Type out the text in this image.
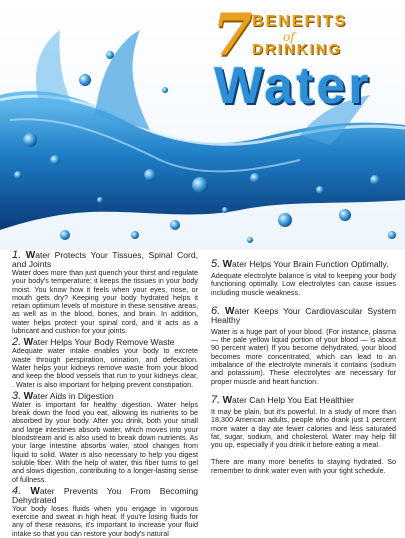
7 BENEFITS
of
DRINKING
Water
1. Water Protects Your Tissues, Spinal Cord, and Joints
Water does more than just quench your thirst and regulate your body's temperature; it keeps the tissues in your body moist. You know how it feels when your eyes, nose, or mouth gets dry? Keeping your body hydrated helps it retain optimum levels of moisture in these sensitive areas, as well as in the blood, bones, and brain. In addition, water helps protect your spinal cord, and it acts as a lubricant and cushion for your joints.
2. Water Helps Your Body Remove Waste
Adequate water intake enables your body to excrete waste through perspiration, urination, and defecation. Water helps your kidneys remove waste from your blood and keep the blood vessels that run to your kidneys clear, . Water is also important for helping prevent constipation.
3. Water Aids in Digestion
Water is important for healthy digestion. Water helps break down the food you eat, allowing its nutrients to be absorbed by your body. After you drink, both your small and large intestines absorb water, which moves into your bloodstream and is also used to break down nutrients. As your large intestine absorbs water, stool changes from liquid to solid. Water is also necessary to help you digest soluble fiber. With the help of water, this fiber turns to gel and slows digestion, contributing to a longer-lasting sense of fullness.
4. Water Prevents You From Becoming Dehydrated
Your body loses fluids when you engage in vigorous exercise and sweat in high heat. If you're losing fluids for any of these reasons, it's important to increase your fluid intake so that you can restore your body's natural
5. Water Helps Your Brain Function Optimally.
Adequate electrolyte balance is vital to keeping your body functioning optimally. Low electrolytes can cause issues including muscle weakness.
6. Water Keeps Your Cardiovascular System Healthy
Water is a huge part of your blood. (For instance, plasma — the pale yellow liquid portion of your blood — is about 90 percent water) If you become dehydrated, your blood becomes more concentrated, which can lead to an imbalance of the electrolyte minerals it contains (sodium and potassium). These electrolytes are necessary for proper muscle and heart function.
7. Water Can Help You Eat Healthier
It may be plain, but it's powerful. In a study of more than 18,300 American adults, people who drank just 1 percent more water a day ate fewer calories and less saturated fat, sugar, sodium, and cholesterol. Water may help fill you up, especially if you drink it before eating a meal.
There are many more benefits to staying hydrated. So remember to drink water even with your tight schedule.
